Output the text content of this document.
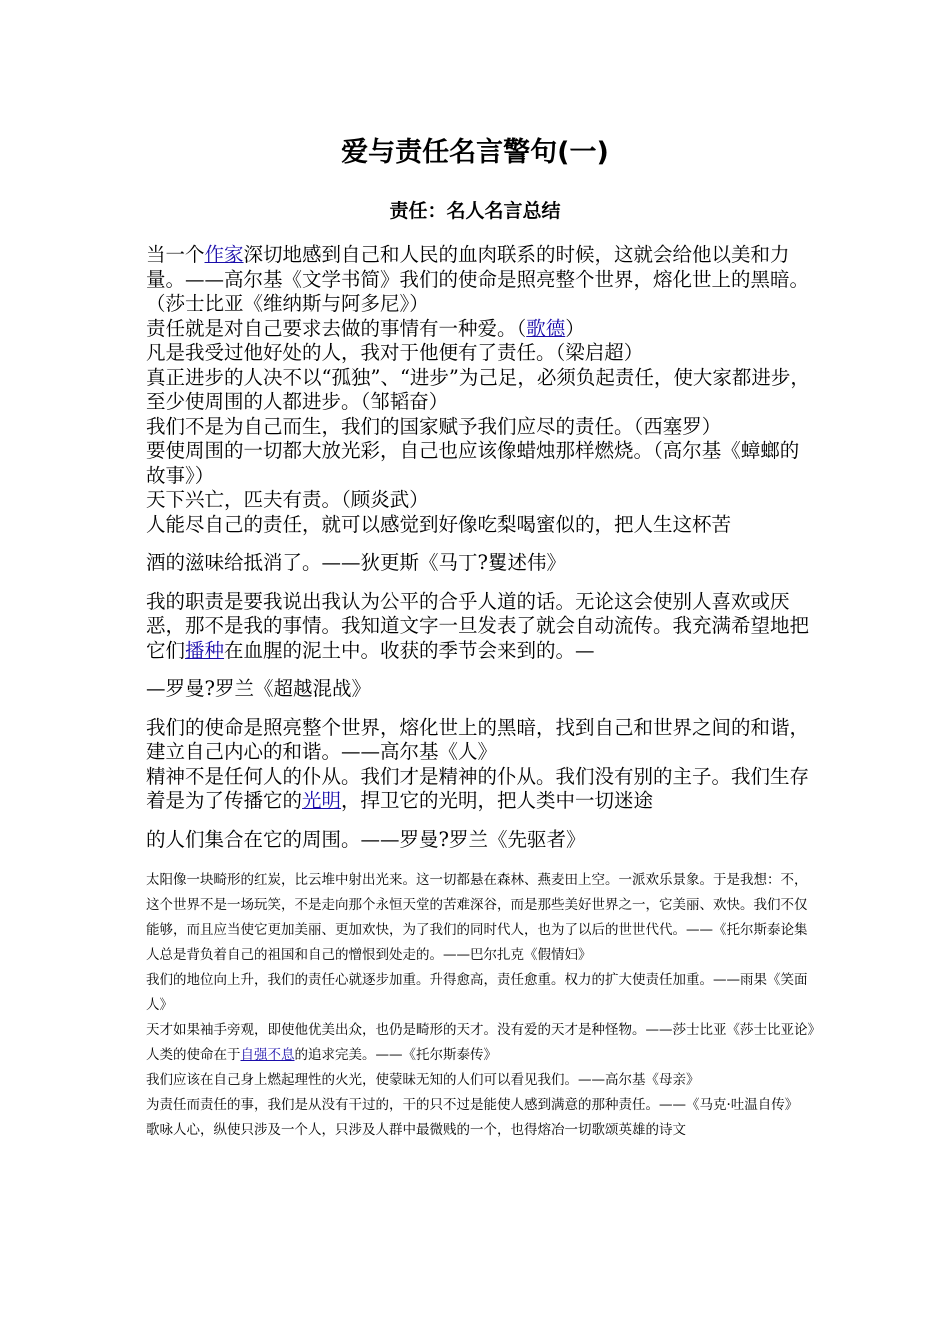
爱与责任名言警句(一)
责任：名人名言总结

当一个作家深切地感到自己和人民的血肉联系的时候，这就会给他以美和力量。——高尔基《文学书简》我们的使命是照亮整个世界，熔化世上的黑暗。（莎士比亚《维纳斯与阿多尼》）

责任就是对自己要求去做的事情有一种爱。（歌德）

凡是我受过他好处的人，我对于他便有了责任。（梁启超）

真正进步的人决不以“孤独”、“进步”为己足，必须负起责任，使大家都进步，至少使周围的人都进步。（邹韬奋）

我们不是为自己而生，我们的国家赋予我们应尽的责任。（西塞罗）

要使周围的一切都大放光彩，自己也应该像蜡烛那样燃烧。（高尔基《蟑螂的故事》）

天下兴亡，匹夫有责。（顾炎武）

人能尽自己的责任，就可以感觉到好像吃梨喝蜜似的，把人生这杯苦

酒的滋味给抵消了。——狄更斯《马丁?矍述伟》

我的职责是要我说出我认为公平的合乎人道的话。无论这会使别人喜欢或厌恶，那不是我的事情。我知道文字一旦发表了就会自动流传。我充满希望地把它们播种在血腥的泥土中。收获的季节会来到的。—

—罗曼?罗兰《超越混战》

我们的使命是照亮整个世界，熔化世上的黑暗，找到自己和世界之间的和谐，建立自己内心的和谐。——高尔基《人》

精神不是任何人的仆从。我们才是精神的仆从。我们没有别的主子。我们生存着是为了传播它的光明，捍卫它的光明，把人类中一切迷途

的人们集合在它的周围。——罗曼?罗兰《先驱者》

太阳像一块畸形的红炭，比云堆中射出光来。这一切都悬在森林、燕麦田上空。一派欢乐景象。于是我想：不，这个世界不是一场玩笑，不是走向那个永恒天堂的苦难深谷，而是那些美好世界之一，它美丽、欢快。我们不仅能够，而且应当使它更加美丽、更加欢快，为了我们的同时代人，也为了以后的世世代代。——《托尔斯泰论集

人总是背负着自己的祖国和自己的憎恨到处走的。——巴尔扎克《假情妇》

我们的地位向上升，我们的责任心就逐步加重。升得愈高，责任愈重。权力的扩大使责任加重。——雨果《笑面人》

天才如果袖手旁观，即使他优美出众，也仍是畸形的天才。没有爱的天才是种怪物。——莎士比亚《莎士比亚论》

人类的使命在于自强不息的追求完美。——《托尔斯泰传》

我们应该在自己身上燃起理性的火光，使蒙昧无知的人们可以看见我们。——高尔基《母亲》

为责任而责任的事，我们是从没有干过的，干的只不过是能使人感到满意的那种责任。——《马克·吐温自传》

歌咏人心，纵使只涉及一个人，只涉及人群中最微贱的一个，也得熔冶一切歌颂英雄的诗文
